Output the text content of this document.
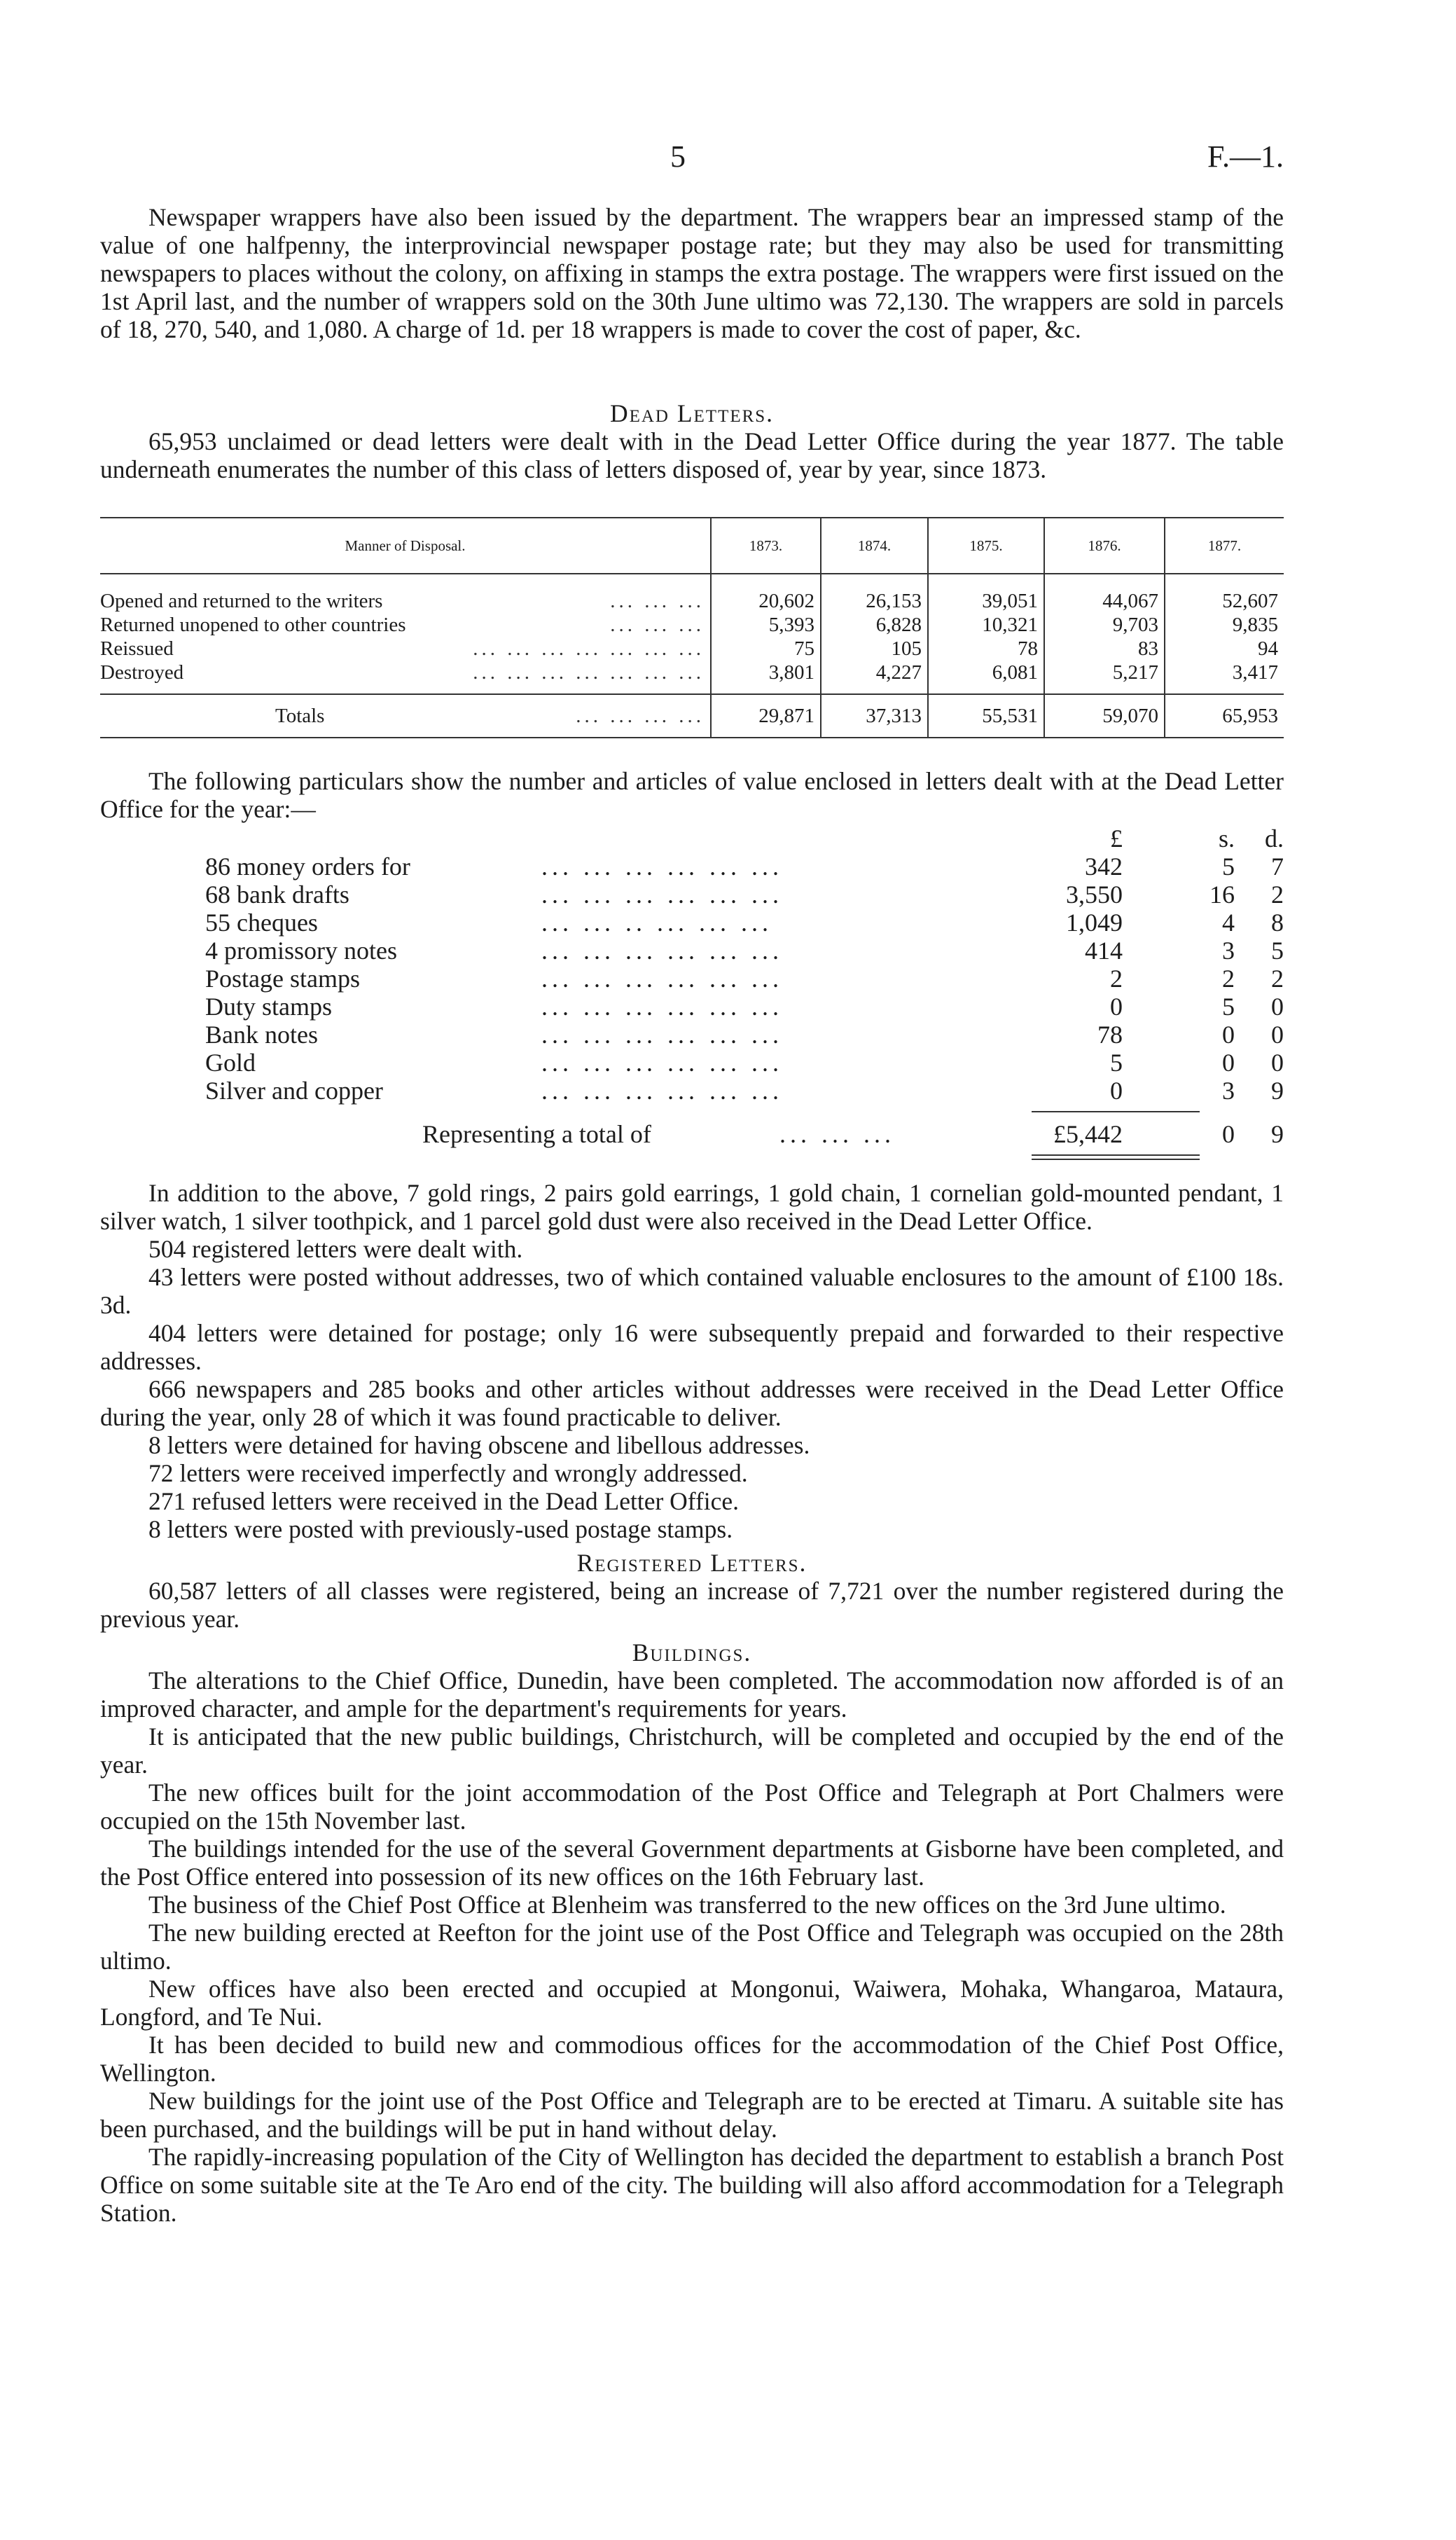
5	F.—1.

Newspaper wrappers have also been issued by the department. The wrappers bear an impressed stamp of the value of one halfpenny, the interprovincial newspaper postage rate; but they may also be used for transmitting newspapers to places without the colony, on affixing in stamps the extra postage. The wrappers were first issued on the 1st April last, and the number of wrappers sold on the 30th June ultimo was 72,130. The wrappers are sold in parcels of 18, 270, 540, and 1,080. A charge of 1d. per 18 wrappers is made to cover the cost of paper, &c.

Dead Letters.

65,953 unclaimed or dead letters were dealt with in the Dead Letter Office during the year 1877. The table underneath enumerates the number of this class of letters disposed of, year by year, since 1873.

Manner of Disposal.	1873.	1874.	1875.	1876.	1877.

Opened and returned to the writers	... ... ...	20,602	26,153	39,051	44,067	52,607

Returned unopened to other countries	... ... ...	5,393	6,828	10,321	9,703	9,835

Reissued	... ... ... ... ... ... ...	75	105	78	83	94

Destroyed	... ... ... ... ... ... ...	3,801	4,227	6,081	5,217	3,417

Totals	... ... ... ...	29,871	37,313	55,531	59,070	65,953

The following particulars show the number and articles of value enclosed in letters dealt with at the Dead Letter Office for the year:—

£	s.	d.
86 money orders for	... ... ... ... ... ...	342	5	7
68 bank drafts	... ... ... ... ... ...	3,550	16	2
55 cheques	... ... .. ... ... ...	1,049	4	8
4 promissory notes	... ... ... ... ... ...	414	3	5
Postage stamps	... ... ... ... ... ...	2	2	2
Duty stamps	... ... ... ... ... ...	0	5	0
Bank notes	... ... ... ... ... ...	78	0	0
Gold	... ... ... ... ... ...	5	0	0
Silver and copper	... ... ... ... ... ...	0	3	9
Representing a total of	... ... ...	£5,442	0	9

In addition to the above, 7 gold rings, 2 pairs gold earrings, 1 gold chain, 1 cornelian gold-mounted pendant, 1 silver watch, 1 silver toothpick, and 1 parcel gold dust were also received in the Dead Letter Office.

504 registered letters were dealt with.

43 letters were posted without addresses, two of which contained valuable enclosures to the amount of £100 18s. 3d.

404 letters were detained for postage; only 16 were subsequently prepaid and forwarded to their respective addresses.

666 newspapers and 285 books and other articles without addresses were received in the Dead Letter Office during the year, only 28 of which it was found practicable to deliver.

8 letters were detained for having obscene and libellous addresses.

72 letters were received imperfectly and wrongly addressed.

271 refused letters were received in the Dead Letter Office.

8 letters were posted with previously-used postage stamps.

Registered Letters.

60,587 letters of all classes were registered, being an increase of 7,721 over the number registered during the previous year.

Buildings.

The alterations to the Chief Office, Dunedin, have been completed. The accommodation now afforded is of an improved character, and ample for the department's requirements for years.

It is anticipated that the new public buildings, Christchurch, will be completed and occupied by the end of the year.

The new offices built for the joint accommodation of the Post Office and Telegraph at Port Chalmers were occupied on the 15th November last.

The buildings intended for the use of the several Government departments at Gisborne have been completed, and the Post Office entered into possession of its new offices on the 16th February last.

The business of the Chief Post Office at Blenheim was transferred to the new offices on the 3rd June ultimo.

The new building erected at Reefton for the joint use of the Post Office and Telegraph was occupied on the 28th ultimo.

New offices have also been erected and occupied at Mongonui, Waiwera, Mohaka, Whangaroa, Mataura, Longford, and Te Nui.

It has been decided to build new and commodious offices for the accommodation of the Chief Post Office, Wellington.

New buildings for the joint use of the Post Office and Telegraph are to be erected at Timaru. A suitable site has been purchased, and the buildings will be put in hand without delay.

The rapidly-increasing population of the City of Wellington has decided the department to establish a branch Post Office on some suitable site at the Te Aro end of the city. The building will also afford accommodation for a Telegraph Station.
